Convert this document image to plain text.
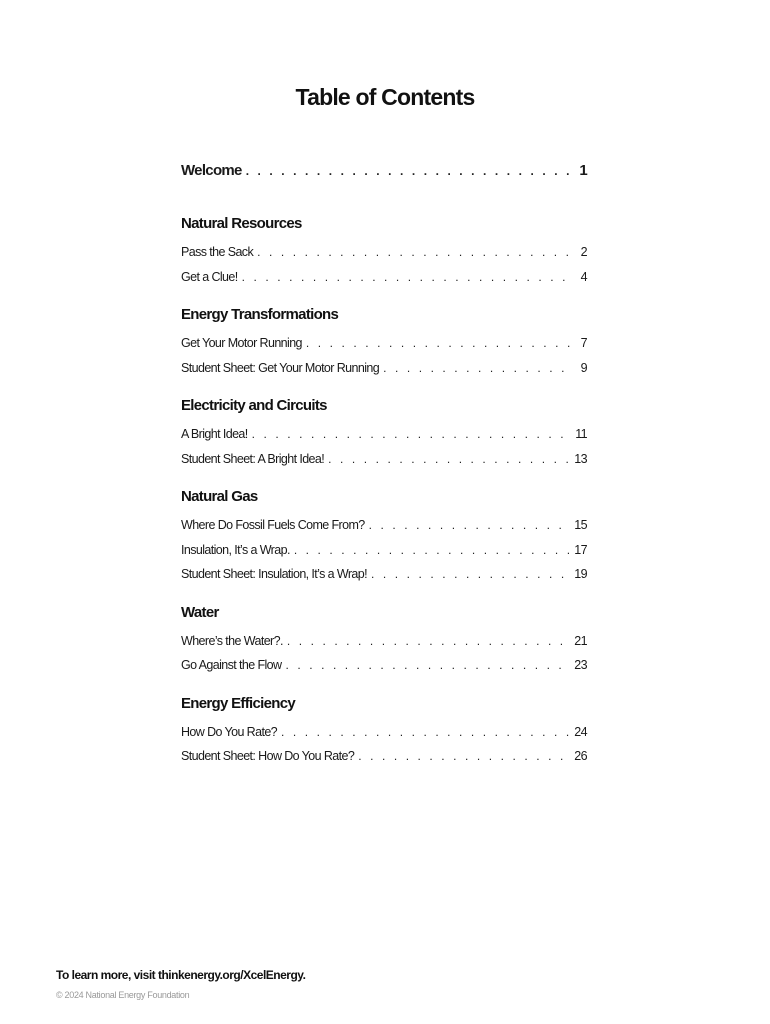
Table of Contents
Welcome . . .	1
Natural Resources
Pass the Sack . . .	2
Get a Clue! . . .	4
Energy Transformations
Get Your Motor Running . . .	7
Student Sheet: Get Your Motor Running . . .	9
Electricity and Circuits
A Bright Idea! . . .	11
Student Sheet: A Bright Idea! . . .	13
Natural Gas
Where Do Fossil Fuels Come From? . . .	15
Insulation, It’s a Wrap. . . .	17
Student Sheet: Insulation, It’s a Wrap! . . .	19
Water
Where’s the Water?. . . .	21
Go Against the Flow . . .	23
Energy Efficiency
How Do You Rate? . . .	24
Student Sheet: How Do You Rate? . . .	26
To learn more, visit thinkenergy.org/XcelEnergy.
© 2024 National Energy Foundation
